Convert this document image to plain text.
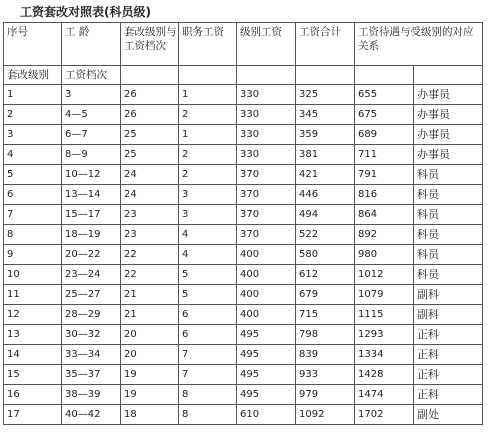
工资套改对照表(科员级)
序号	工 龄	套改级别与工资档次	职务工资	级别工资	工资合计	工资待遇与受级别的对应关系	
套改级别	工资档次						
1	3	26	1	330	325	655	办事员
2	4—5	26	2	330	345	675	办事员
3	6—7	25	1	330	359	689	办事员
4	8—9	25	2	330	381	711	办事员
5	10—12	24	2	370	421	791	科员
6	13—14	24	3	370	446	816	科员
7	15—17	23	3	370	494	864	科员
8	18—19	23	4	370	522	892	科员
9	20—22	22	4	400	580	980	科员
10	23—24	22	5	400	612	1012	科员
11	25—27	21	5	400	679	1079	副科
12	28—29	21	6	400	715	1115	副科
13	30—32	20	6	495	798	1293	正科
14	33—34	20	7	495	839	1334	正科
15	35—37	19	7	495	933	1428	正科
16	38—39	19	8	495	979	1474	正科
17	40—42	18	8	610	1092	1702	副处
